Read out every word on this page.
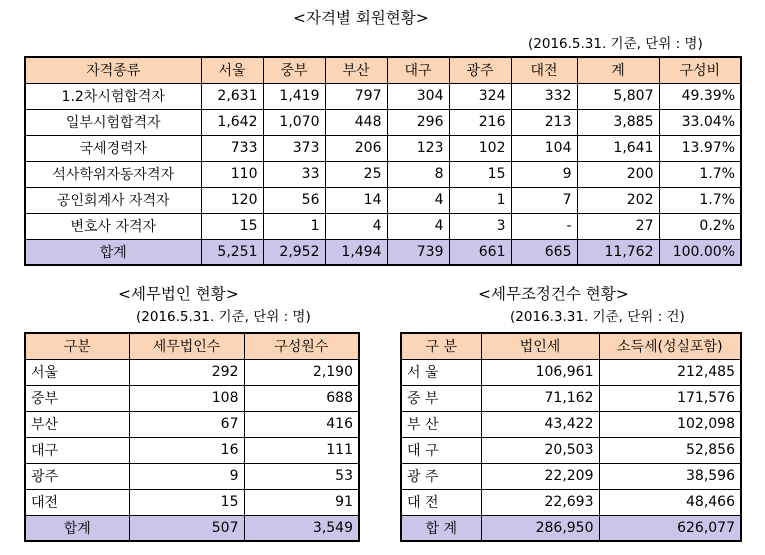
<자격별 회원현황>
(2016.5.31. 기준, 단위 : 명)
자격종류	서울	중부	부산	대구	광주	대전	계	구성비
1.2차시험합격자	2,631	1,419	797	304	324	332	5,807	49.39%
일부시험합격자	1,642	1,070	448	296	216	213	3,885	33.04%
국세경력자	733	373	206	123	102	104	1,641	13.97%
석사학위자동자격자	110	33	25	8	15	9	200	1.7%
공인회계사 자격자	120	56	14	4	1	7	202	1.7%
변호사 자격자	15	1	4	4	3	-	27	0.2%
합계	5,251	2,952	1,494	739	661	665	11,762	100.00%
<세무법인 현황>
(2016.5.31. 기준, 단위 : 명)
구분	세무법인수	구성원수
서울	292	2,190
중부	108	688
부산	67	416
대구	16	111
광주	9	53
대전	15	91
합계	507	3,549
<세무조정건수 현황>
(2016.3.31. 기준, 단위 : 건)
구 분	법인세	소득세(성실포함)
서 울	106,961	212,485
중 부	71,162	171,576
부 산	43,422	102,098
대 구	20,503	52,856
광 주	22,209	38,596
대 전	22,693	48,466
합 계	286,950	626,077
